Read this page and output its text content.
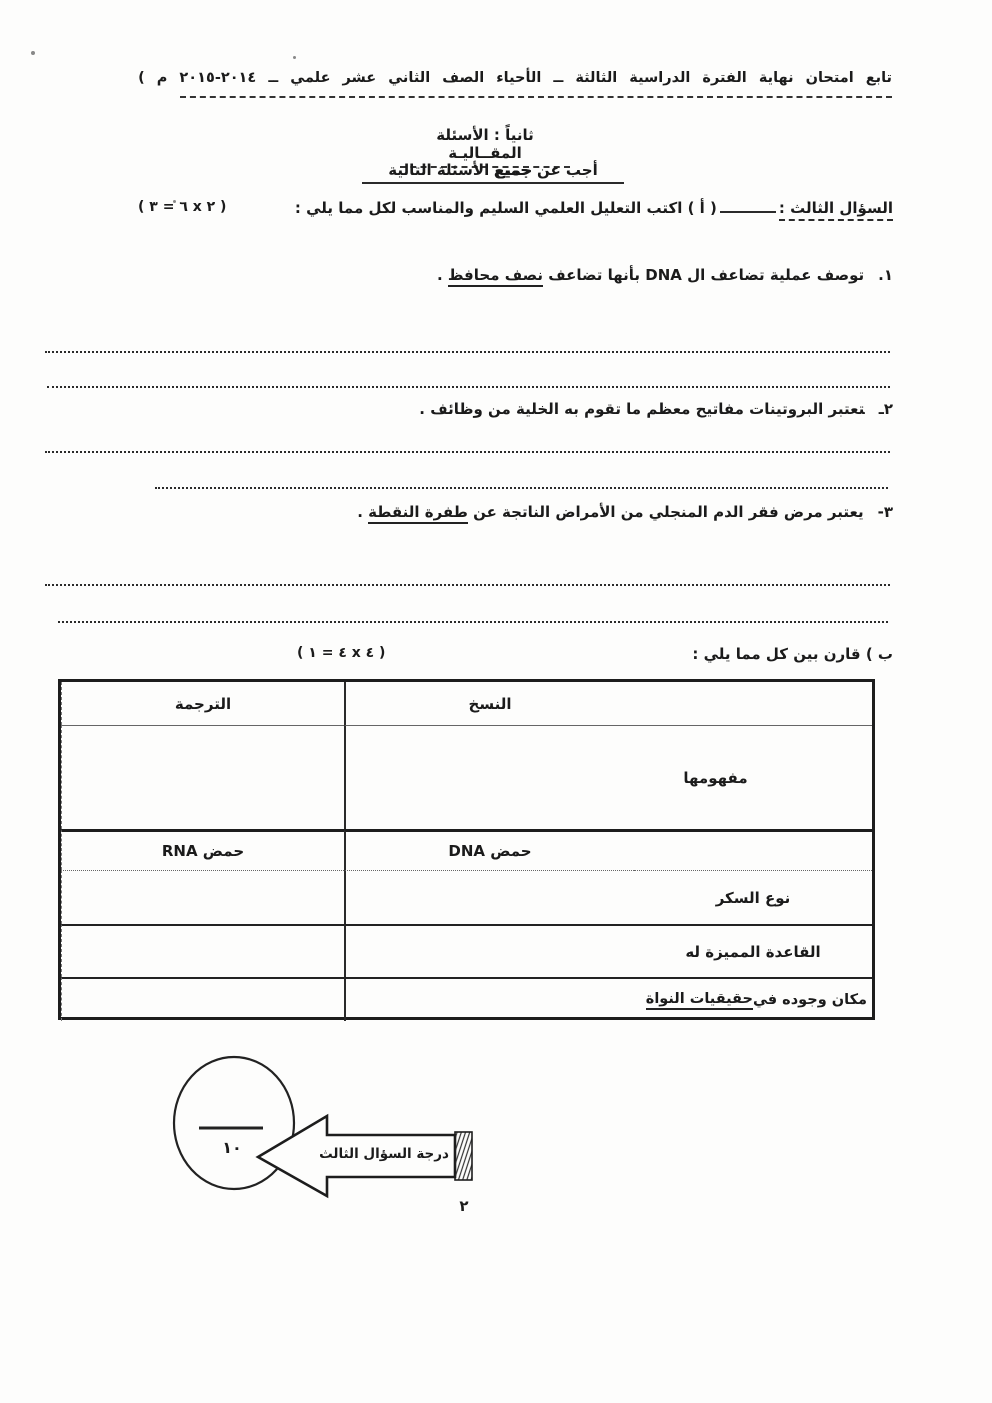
تابع امتحان نهاية الفترة الدراسية الثالثة ــ الأحياء الصف الثاني عشر علمي ــ ٢٠١٤-٢٠١٥ م )
ثانياً : الأسئلة المقــاليـة
أجب عن جميع الأسئلة التالية
السؤال الثالث :( أ ) اكتب التعليل العلمي السليم والمناسب لكل مما يلي :
( ٦ = ٣ x ٢ )
١.توصف عملية تضاعف ال DNA بأنها تضاعف نصف محافظ .
٢ـتعتبر البروتينات مفاتيح معظم ما تقوم به الخلية من وظائف .
٣-يعتبر مرض فقر الدم المنجلي من الأمراض الناتجة عن طفرة النقطة .
ب ) قارن بين كل مما يلي :
( ٤ = ١ x ٤ )
النسخ
الترجمة
مفهومها
حمض DNA
حمض RNA
نوع السكر
القاعدة المميزة له
مكان وجوده في
حقيقيات النواة
١٠	درجة السؤال الثالث
٢
